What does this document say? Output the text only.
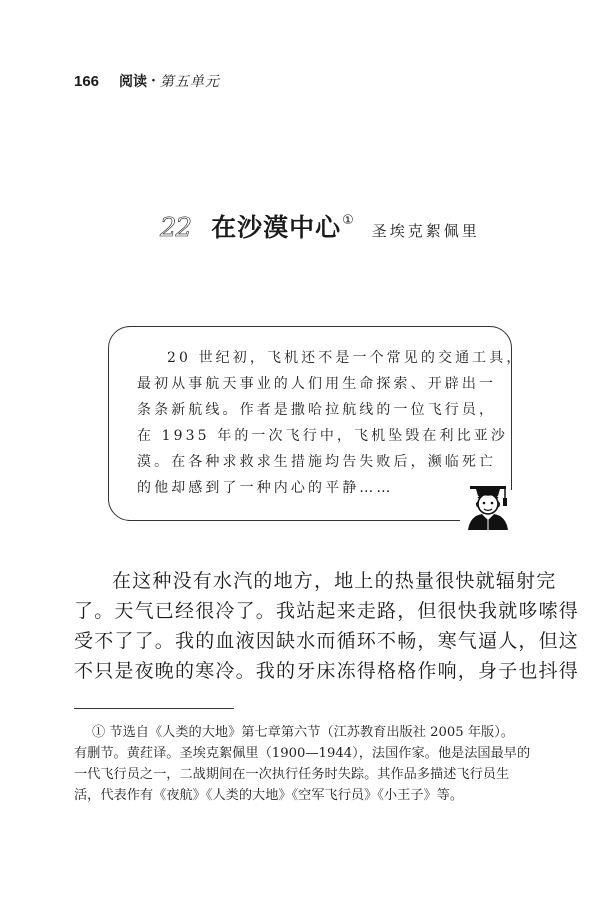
166 阅读 · 第五单元
22 在沙漠中心 ①
圣埃克絮佩里
20 世纪初，飞机还不是一个常见的交通工具，
最初从事航天事业的人们用生命探索、开辟出一
条条新航线。作者是撒哈拉航线的一位飞行员，
在 1935 年的一次飞行中，飞机坠毁在利比亚沙
漠。在各种求救求生措施均告失败后，濒临死亡
的他却感到了一种内心的平静……
在这种没有水汽的地方，地上的热量很快就辐射完
了。天气已经很冷了。我站起来走路，但很快我就哆嗦得
受不了了。我的血液因缺水而循环不畅，寒气逼人，但这
不只是夜晚的寒冷。我的牙床冻得格格作响，身子也抖得
① 节选自《人类的大地》第七章第六节（江苏教育出版社 2005 年版）。
有删节。黄荭译。圣埃克絮佩里（1900—1944），法国作家。他是法国最早的
一代飞行员之一，二战期间在一次执行任务时失踪。其作品多描述飞行员生
活，代表作有《夜航》《人类的大地》《空军飞行员》《小王子》等。
